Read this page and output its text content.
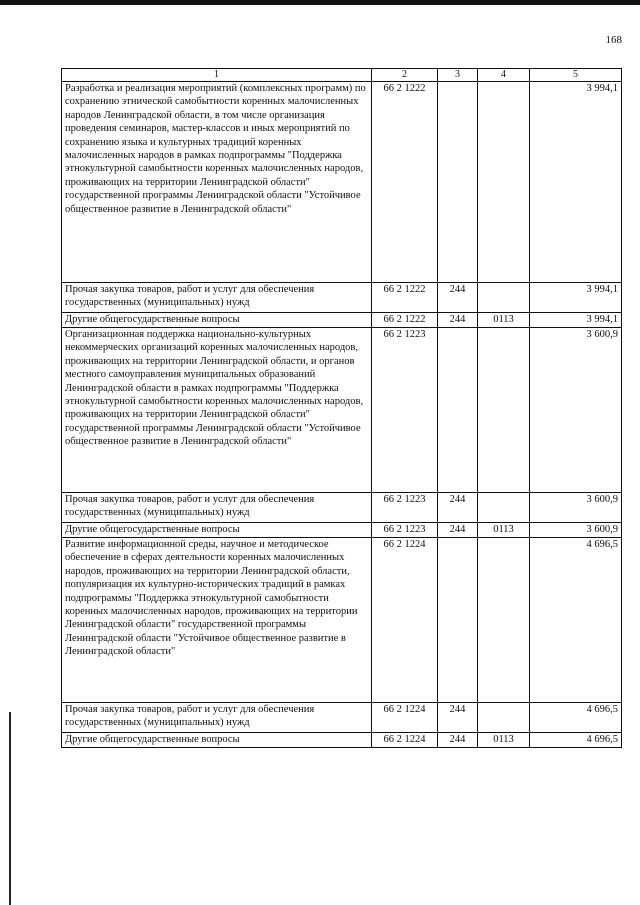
168
1	2	3	4	5
Разработка и реализация мероприятий (комплексных программ) по сохранению этнической самобытности коренных малочисленных народов Ленинградской области, в том числе организация проведения семинаров, мастер-классов и иных мероприятий по сохранению языка и культурных традиций коренных малочисленных народов в рамках подпрограммы "Поддержка этнокультурной самобытности коренных малочисленных народов, проживающих на территории Ленинградской области" государственной программы Ленинградской области "Устойчивое общественное развитие в Ленинградской области"	66 2 1222			3 994,1
Прочая закупка товаров, работ и услуг для обеспечения государственных (муниципальных) нужд	66 2 1222	244		3 994,1
Другие общегосударственные вопросы	66 2 1222	244	0113	3 994,1
Организационная поддержка национально-культурных некоммерческих организаций коренных малочисленных народов, проживающих на территории Ленинградской области, и органов местного самоуправления муниципальных образований Ленинградской области в рамках подпрограммы "Поддержка этнокультурной самобытности коренных малочисленных народов, проживающих на территории Ленинградской области" государственной программы Ленинградской области "Устойчивое общественное развитие в Ленинградской области"	66 2 1223			3 600,9
Прочая закупка товаров, работ и услуг для обеспечения государственных (муниципальных) нужд	66 2 1223	244		3 600,9
Другие общегосударственные вопросы	66 2 1223	244	0113	3 600,9
Развитие информационной среды, научное и методическое обеспечение в сферах деятельности коренных малочисленных народов, проживающих на территории Ленинградской области, популяризация их культурно-исторических традиций в рамках подпрограммы "Поддержка этнокультурной самобытности коренных малочисленных народов, проживающих на территории Ленинградской области" государственной программы Ленинградской области "Устойчивое общественное развитие в Ленинградской области"	66 2 1224			4 696,5
Прочая закупка товаров, работ и услуг для обеспечения государственных (муниципальных) нужд	66 2 1224	244		4 696,5
Другие общегосударственные вопросы	66 2 1224	244	0113	4 696,5
